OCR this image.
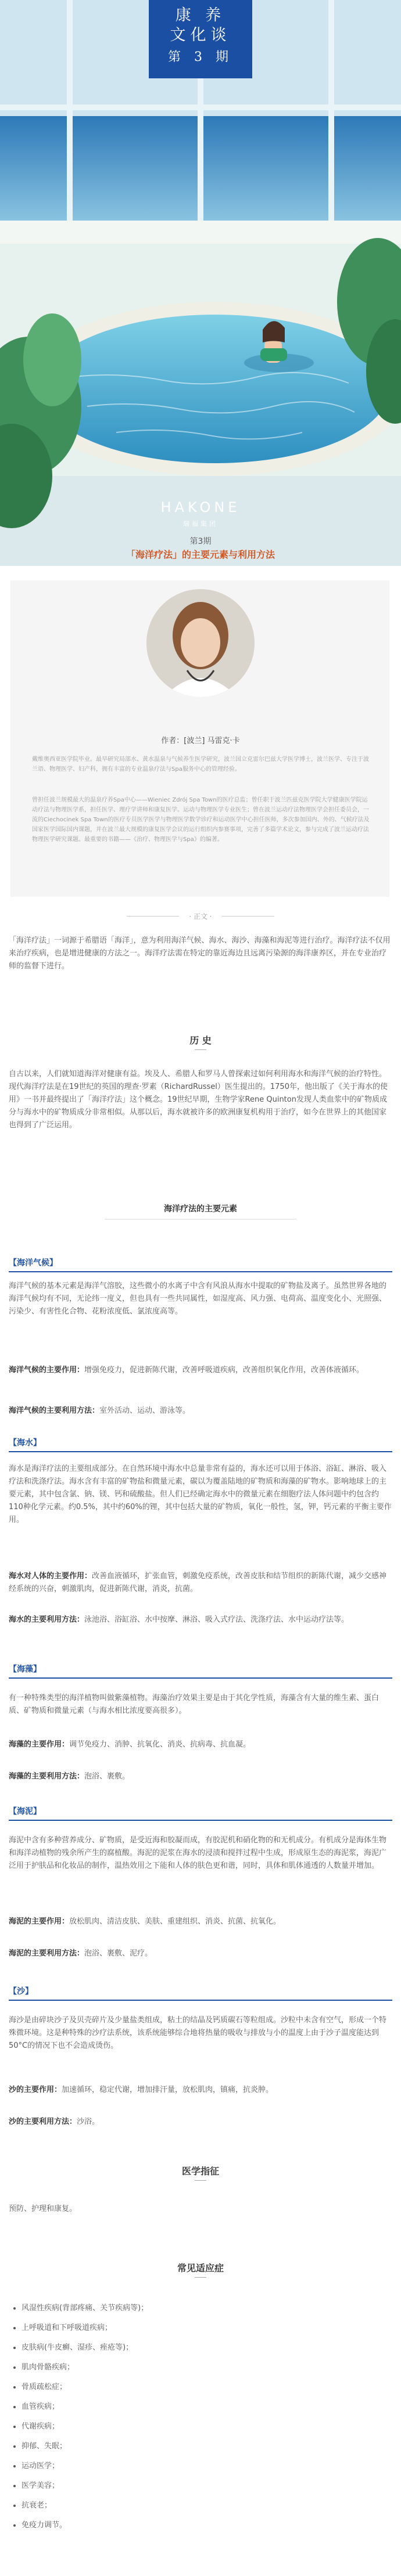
康 养
文化谈
第 3 期
HAKONE
瑞福集团
第3期
「海洋疗法」的主要元素与利用方法
作者：[波兰] 马雷克·卡
戴维奥西亚医学院毕业。最早研究局部水、黄水温泉与气候养生医学研究，波兰国立克雷尔巴兹大学医学博士，波兰医学、专注于波兰语、物理医学、妇产科，拥有丰富的专业温泉疗法与Spa服务中心的管理经验。
曾担任波兰规模最大的温泉疗养Spa中心——Wieniec Zdrój Spa Town的医疗总监；曾任职于波兰匹兹克医学院大学健康医学院运动疗法与物理医学系，担任医学、理疗学讲师和康复医学。运动与物理医学专业医生；曾在波兰运动疗法物理医学会担任委员会，一流的Ciechocinek Spa Town的医疗专员医学医学与物理医学数学诊疗和运动医学中心担任医师，多次参加国内、外的、气候疗法及国家医学国际国内课题，并在波兰最大规模的康复医学会议的运行组织内参赛事项，完善了多篇学术论文，参与完成了波兰运动疗法物理医学研究课题。最重要的书籍——《治疗、物理医学与Spa》的编著。
· 正文 ·
「海洋疗法」一词源于希腊语「海洋」，意为利用海洋气候、海水、海沙、海藻和海泥等进行治疗。海洋疗法不仅用来治疗疾病，也是增进健康的方法之一。海洋疗法需在特定的靠近海边且远离污染源的海洋康养区，并在专业治疗师的监督下进行。
历 史
自古以来，人们就知道海洋对健康有益。埃及人、希腊人和罗马人曾探索过如何利用海水和海洋气候的治疗特性。现代海洋疗法是在19世纪的英国的理查·罗素（RichardRussel）医生提出的。1750年，他出版了《关于海水的使用》一书并最终提出了「海洋疗法」这个概念。19世纪早期，生物学家Rene Quinton发现人类血浆中的矿物质成分与海水中的矿物质成分非常相似。从那以后，海水就被许多的欧洲康复机构用于治疗，如今在世界上的其他国家也得到了广泛运用。
海洋疗法的主要元素
【海洋气候】
海洋气候的基本元素是海洋气溶胶，这些微小的水离子中含有风浪从海水中提取的矿物盐及离子。虽然世界各地的海洋气候均有不同，无论纬一度义，但也具有一些共同属性，如湿度高、风力强、电荷高、温度变化小、光照强、污染少、有害性化合物、花粉浓度低、氯浓度高等。
海洋气候的主要作用：增强免疫力，促进新陈代谢，改善呼吸道疾病，改善组织氧化作用，改善体液循环。
海洋气候的主要利用方法：室外活动、运动、游泳等。
【海水】
海水是海洋疗法的主要组成部分。在自然环境中海水中总量非常有益的，海水还可以用于体浴、浴缸、淋浴、吸入疗法和洗涤疗法。海水含有丰富的矿物盐和微量元素，碳以为覆盖陆地的矿物质和海藻的矿物水。影响地球上的主要元素，其中包含氯、钠、镁、钙和硫酸盐。但人们已经确定海水中的微量元素在细胞疗法人体问题中约包含约110种化学元素。约0.5%，其中约60%的锂，其中包括大量的矿物质，氧化一般性，氢，钾，钙元素的平衡主要作用。
海水对人体的主要作用：改善血液循环，扩张血管，刺激免疫系统，改善皮肤和结节组织的新陈代谢，减少交感神经系统的兴奋，刺激肌肉，促进新陈代谢，消炎，抗菌。
海水的主要利用方法：泳池浴、浴缸浴、水中按摩、淋浴、吸入式疗法、洗涤疗法、水中运动疗法等。
【海藻】
有一种特殊类型的海洋植物叫做紫藻植物。海藻治疗效果主要是由于其化学性质，海藻含有大量的维生素、蛋白质、矿物质和微量元素（与海水相比浓度要高很多）。
海藻的主要作用：调节免疫力、消肿、抗氧化、消炎、抗病毒、抗血凝。
海藻的主要利用方法：泡浴、裹敷。
【海泥】
海泥中含有多种营养成分、矿物质，是受近海和胶凝而成，有胶泥机和硝化物的和无机成分。有机成分是海体生物和海洋动植物的残余所产生的腐植酸。海泥的泥浆在海水的浸渍和搅拌过程中生成，形成原生态的海泥浆，海泥广泛用于护肤品和化妆品的制作，温热效用之下能和人体的肤色更和谐，同时，具体和肌体通透的人数量并增加。
海泥的主要作用：放松肌肉、清洁皮肤、美肤、重建组织、消炎、抗菌、抗氧化。
海泥的主要利用方法：泡浴、裹敷、泥疗。
【沙】
海沙是由碎块沙子及贝壳碎片及少量盐类组成，粘土的结晶及钙质碳石等粒组成。沙粒中未含有空气，形成一个特殊微环境。这是种特殊的沙疗法系统，该系统能够综合地将热量的吸收与排放与小的温度上由于沙子温度能达到50°C的情况下也不会造成烫伤。
沙的主要作用：加速循环，稳定代谢，增加排汗量，放松肌肉，镇痛，抗炎肿。
沙的主要利用方法：沙浴。
医学指征
预防、护理和康复。
常见适应症
• 风湿性疾病(背部疼痛、关节疾病等)；
• 上呼吸道和下呼吸道疾病；
• 皮肤病(牛皮癣、湿疹、痤疮等)；
• 肌肉骨骼疾病；
• 骨质疏松症；
• 血管疾病；
• 代谢疾病；
• 抑郁、失眠；
• 运动医学；
• 医学美容；
• 抗衰老；
• 免疫力调节。
